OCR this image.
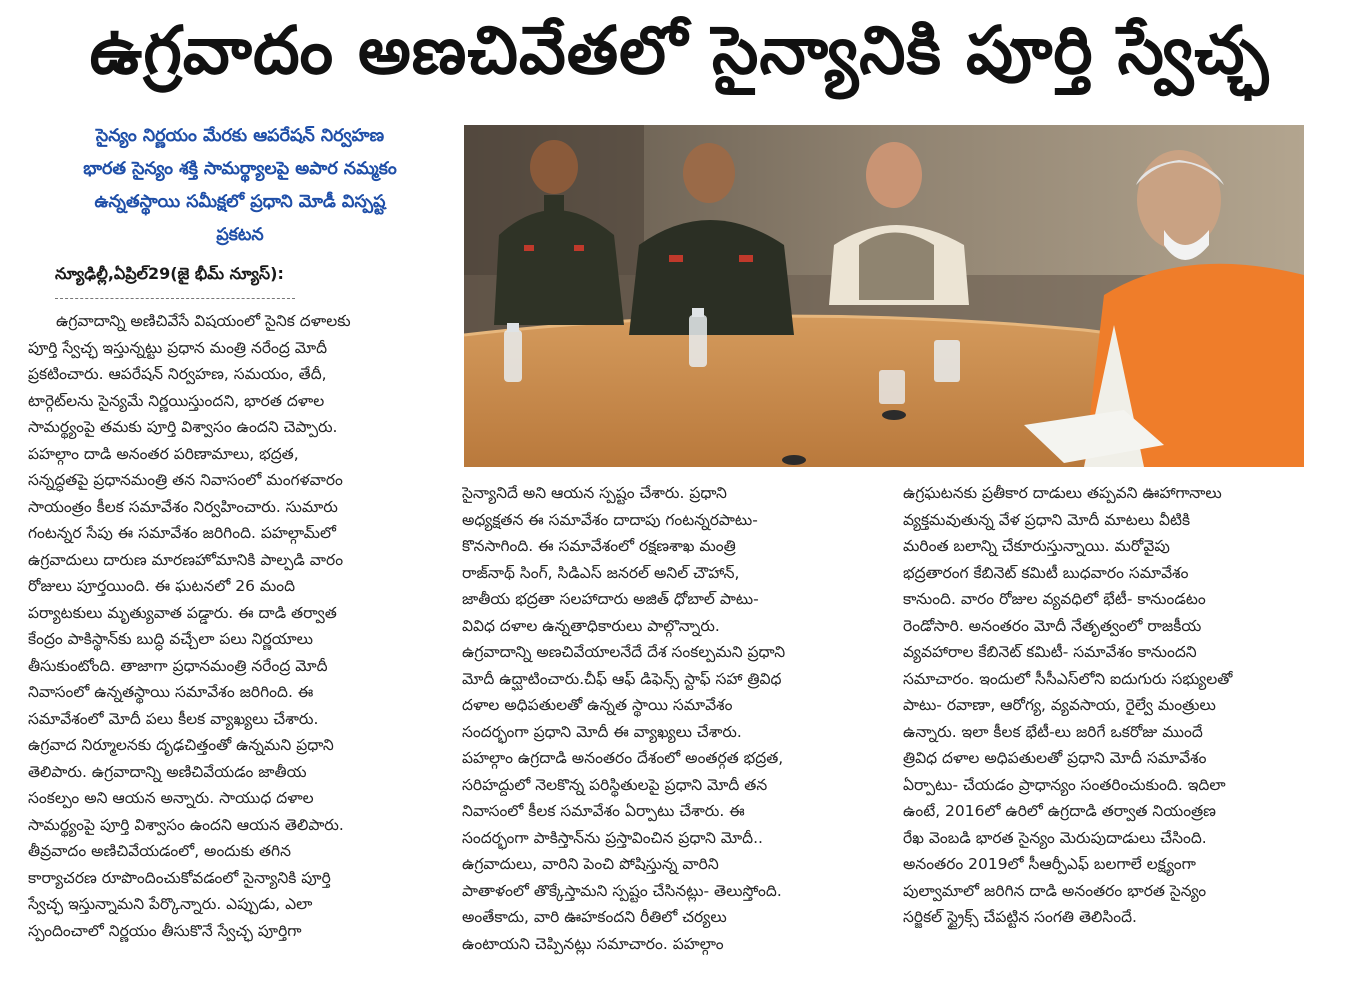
ఉగ్రవాదం అణచివేతలో సైన్యానికి పూర్తి స్వేచ్ఛ
సైన్యం నిర్ణయం మేరకు ఆపరేషన్ నిర్వహణ
భారత సైన్యం శక్తి సామర్థ్యాలపై అపార నమ్మకం
ఉన్నతస్థాయి సమీక్షలో ప్రధాని మోడీ విస్పష్ట
ప్రకటన
న్యూఢిల్లీ,ఏప్రిల్29(జై భీమ్ న్యూస్):
ఉగ్రవాదాన్ని అణిచివేసే విషయంలో సైనిక దళాలకు
పూర్తి స్వేచ్ఛ ఇస్తున్నట్టు ప్రధాన మంత్రి నరేంద్ర మోదీ
ప్రకటించారు. ఆపరేషన్ నిర్వహణ, సమయం, తేదీ,
టార్గెట్‌లను సైన్యమే నిర్ణయిస్తుందని, భారత దళాల
సామర్థ్యంపై తమకు పూర్తి విశ్వాసం ఉందని చెప్పారు.
పహల్గాం దాడి అనంతర పరిణామాలు, భద్రత,
సన్నద్ధతపై ప్రధానమంత్రి తన నివాసంలో మంగళవారం
సాయంత్రం కీలక సమావేశం నిర్వహించారు. సుమారు
గంటన్నర సేపు ఈ సమావేశం జరిగింది. పహల్గామ్‌లో
ఉగ్రవాదులు దారుణ మారణహోమానికి పాల్పడి వారం
రోజులు పూర్తయింది. ఈ ఘటనలో 26 మంది
పర్యాటకులు మృత్యువాత పడ్డారు. ఈ దాడి తర్వాత
కేంద్రం పాకిస్థాన్‌కు బుద్ధి వచ్చేలా పలు నిర్ణయాలు
తీసుకుంటోంది. తాజాగా ప్రధానమంత్రి నరేంద్ర మోదీ
నివాసంలో ఉన్నతస్థాయి సమావేశం జరిగింది. ఈ
సమావేశంలో మోదీ పలు కీలక వ్యాఖ్యలు చేశారు.
ఉగ్రవాద నిర్మూలనకు దృఢచిత్తంతో ఉన్నమని ప్రధాని
తెలిపారు. ఉగ్రవాదాన్ని అణిచివేయడం జాతీయ
సంకల్పం అని ఆయన అన్నారు. సాయుధ దళాల
సామర్థ్యంపై పూర్తి విశ్వాసం ఉందని ఆయన తెలిపారు.
తీవ్రవాదం అణిచివేయడంలో, అందుకు తగిన
కార్యాచరణ రూపొందించుకోవడంలో సైన్యానికి పూర్తి
స్వేచ్ఛ ఇస్తున్నామని పేర్కొన్నారు. ఎప్పుడు, ఎలా
స్పందించాలో నిర్ణయం తీసుకొనే స్వేచ్ఛ పూర్తిగా
సైన్యానిదే అని ఆయన స్పష్టం చేశారు. ప్రధాని
అధ్యక్షతన ఈ సమావేశం దాదాపు గంటన్నరపాటు-
కొనసాగింది. ఈ సమావేశంలో రక్షణశాఖ మంత్రి
రాజ్‌నాథ్ సింగ్, సిడిఎస్ జనరల్ అనిల్ చౌహాన్,
జాతీయ భద్రతా సలహాదారు అజిత్ ధోబాల్ పాటు-
వివిధ దళాల ఉన్నతాధికారులు పాల్గొన్నారు.
ఉగ్రవాదాన్ని అణచివేయాలనేదే దేశ సంకల్పమని ప్రధాని
మోదీ ఉద్ఘాటించారు.చీఫ్ ఆఫ్ డిఫెన్స్ స్టాఫ్ సహా త్రివిధ
దళాల అధిపతులతో ఉన్నత స్థాయి సమావేశం
సందర్భంగా ప్రధాని మోదీ ఈ వ్యాఖ్యలు చేశారు.
పహల్గాం ఉగ్రదాడి అనంతరం దేశంలో అంతర్గత భద్రత,
సరిహద్దులో నెలకొన్న పరిస్థితులపై ప్రధాని మోదీ తన
నివాసంలో కీలక సమావేశం ఏర్పాటు చేశారు. ఈ
సందర్భంగా పాకిస్తాన్‌ను ప్రస్తావించిన ప్రధాని మోదీ..
ఉగ్రవాదులు, వారిని పెంచి పోషిస్తున్న వారిని
పాతాళంలో తొక్కేస్తామని స్పష్టం చేసినట్లు- తెలుస్తోంది.
అంతేకాదు, వారి ఊహకందని రీతిలో చర్యలు
ఉంటాయని చెప్పినట్లు సమాచారం. పహల్గాం
ఉగ్రఘటనకు ప్రతీకార దాడులు తప్పవని ఊహాగానాలు
వ్యక్తమవుతున్న వేళ ప్రధాని మోదీ మాటలు వీటికి
మరింత బలాన్ని చేకూరుస్తున్నాయి. మరోవైపు
భద్రతారంగ కేబినెట్ కమిటీ బుధవారం సమావేశం
కానుంది. వారం రోజుల వ్యవధిలో భేటీ- కానుండటం
రెండోసారి. అనంతరం మోదీ నేతృత్వంలో రాజకీయ
వ్యవహారాల కేబినెట్ కమిటీ- సమావేశం కానుందని
సమాచారం. ఇందులో సీసీఎస్‌లోని ఐదుగురు సభ్యులతో
పాటు- రవాణా, ఆరోగ్య, వ్యవసాయ, రైల్వే మంత్రులు
ఉన్నారు. ఇలా కీలక భేటీ-లు జరిగే ఒకరోజు ముందే
త్రివిధ దళాల అధిపతులతో ప్రధాని మోదీ సమావేశం
ఏర్పాటు- చేయడం ప్రాధాన్యం సంతరించుకుంది. ఇదిలా
ఉంటే, 2016లో ఉరిలో ఉగ్రదాడి తర్వాత నియంత్రణ
రేఖ వెంబడి భారత సైన్యం మెరుపుదాడులు చేసింది.
అనంతరం 2019లో సీఆర్పీఎఫ్ బలగాలే లక్ష్యంగా
పుల్వామాలో జరిగిన దాడి అనంతరం భారత సైన్యం
సర్జికల్ స్ట్రైక్స్ చేపట్టిన సంగతి తెలిసిందే.
